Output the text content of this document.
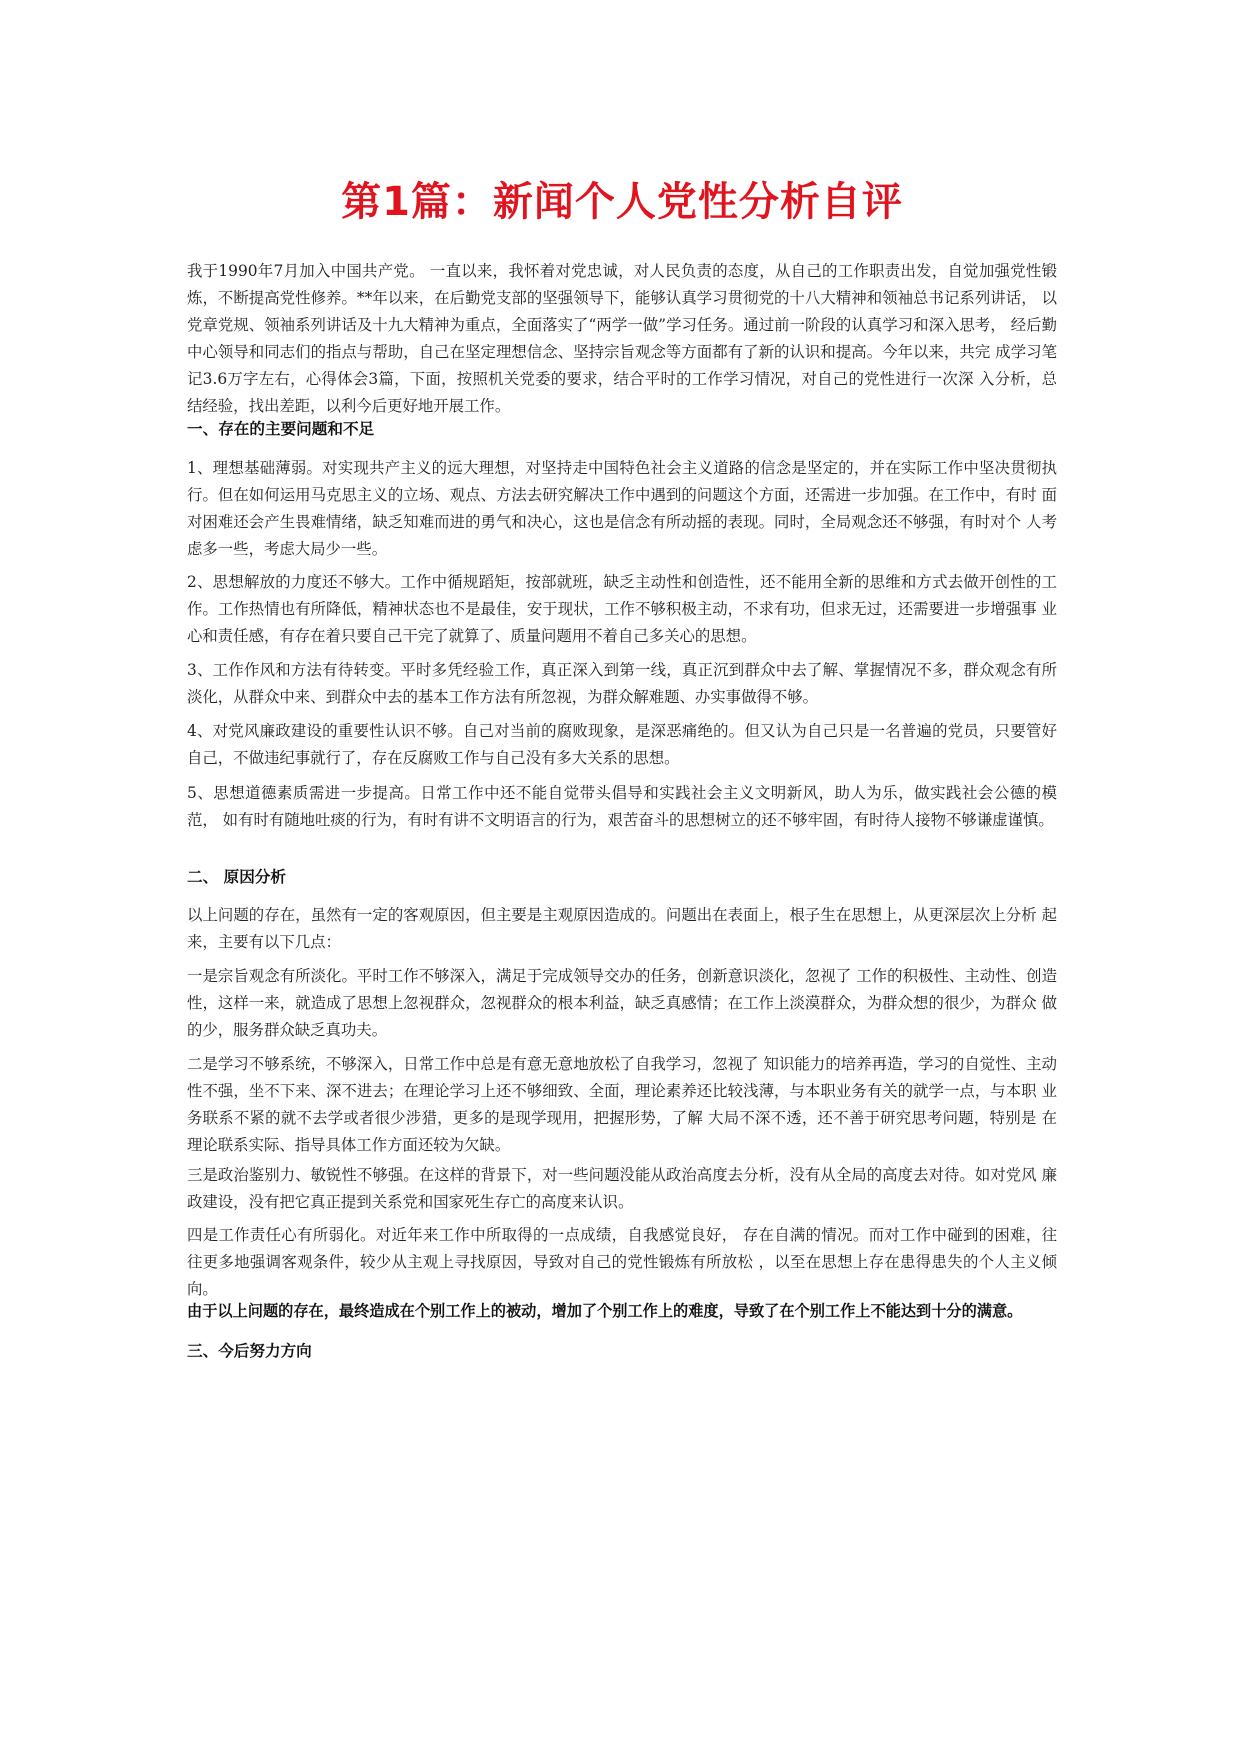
第1篇：新闻个人党性分析自评
我于1990年7月加入中国共产党。 一直以来，我怀着对党忠诚，对人民负责的态度，从自己的工作职责出发，自觉加强党性锻 炼，不断提高党性修养。**年以来，在后勤党支部的坚强领导下，能够认真学习贯彻党的十八大精神和领袖总书记系列讲话， 以党章党规、领袖系列讲话及十九大精神为重点，全面落实了“两学一做”学习任务。通过前一阶段的认真学习和深入思考， 经后勤中心领导和同志们的指点与帮助，自己在坚定理想信念、坚持宗旨观念等方面都有了新的认识和提高。今年以来，共完 成学习笔记3.6万字左右，心得体会3篇，下面，按照机关党委的要求，结合平时的工作学习情况，对自己的党性进行一次深 入分析，总结经验，找出差距，以利今后更好地开展工作。
一、存在的主要问题和不足
1、理想基础薄弱。对实现共产主义的远大理想，对坚持走中国特色社会主义道路的信念是坚定的，并在实际工作中坚决贯彻执 行。但在如何运用马克思主义的立场、观点、方法去研究解决工作中遇到的问题这个方面，还需进一步加强。在工作中，有时 面对困难还会产生畏难情绪，缺乏知难而进的勇气和决心，这也是信念有所动摇的表现。同时，全局观念还不够强，有时对个 人考虑多一些，考虑大局少一些。
2、思想解放的力度还不够大。工作中循规蹈矩，按部就班，缺乏主动性和创造性，还不能用全新的思维和方式去做开创性的工 作。工作热情也有所降低，精神状态也不是最佳，安于现状，工作不够积极主动，不求有功，但求无过，还需要进一步增强事 业心和责任感，有存在着只要自己干完了就算了、质量问题用不着自己多关心的思想。
3、工作作风和方法有待转变。平时多凭经验工作，真正深入到第一线，真正沉到群众中去了解、掌握情况不多，群众观念有所 淡化，从群众中来、到群众中去的基本工作方法有所忽视，为群众解难题、办实事做得不够。
4、对党风廉政建设的重要性认识不够。自己对当前的腐败现象，是深恶痛绝的。但又认为自己只是一名普遍的党员，只要管好 自己，不做违纪事就行了，存在反腐败工作与自己没有多大关系的思想。
5、思想道德素质需进一步提高。日常工作中还不能自觉带头倡导和实践社会主义文明新风，助人为乐，做实践社会公德的模范， 如有时有随地吐痰的行为，有时有讲不文明语言的行为，艰苦奋斗的思想树立的还不够牢固，有时待人接物不够谦虚谨慎。
二、 原因分析
以上问题的存在，虽然有一定的客观原因，但主要是主观原因造成的。问题出在表面上，根子生在思想上，从更深层次上分析 起来，主要有以下几点：
一是宗旨观念有所淡化。平时工作不够深入，满足于完成领导交办的任务，创新意识淡化，忽视了 工作的积极性、主动性、创造性，这样一来，就造成了思想上忽视群众，忽视群众的根本利益，缺乏真感情；在工作上淡漠群众，为群众想的很少，为群众 做的少，服务群众缺乏真功夫。
二是学习不够系统，不够深入，日常工作中总是有意无意地放松了自我学习，忽视了 知识能力的培养再造，学习的自觉性、主动性不强，坐不下来、深不进去；在理论学习上还不够细致、全面，理论素养还比较浅薄，与本职业务有关的就学一点，与本职 业务联系不紧的就不去学或者很少涉猎，更多的是现学现用，把握形势，了解 大局不深不透，还不善于研究思考问题，特别是 在理论联系实际、指导具体工作方面还较为欠缺。
三是政治鉴别力、敏锐性不够强。在这样的背景下，对一些问题没能从政治高度去分析，没有从全局的高度去对待。如对党风 廉政建设，没有把它真正提到关系党和国家死生存亡的高度来认识。
四是工作责任心有所弱化。对近年来工作中所取得的一点成绩，自我感觉良好， 存在自满的情况。而对工作中碰到的困难，往 往更多地强调客观条件，较少从主观上寻找原因，导致对自己的党性锻炼有所放松 ，以至在思想上存在患得患失的个人主义倾 向。
由于以上问题的存在，最终造成在个别工作上的被动，增加了个别工作上的难度，导致了在个别工作上不能达到十分的满意。
三、今后努力方向
